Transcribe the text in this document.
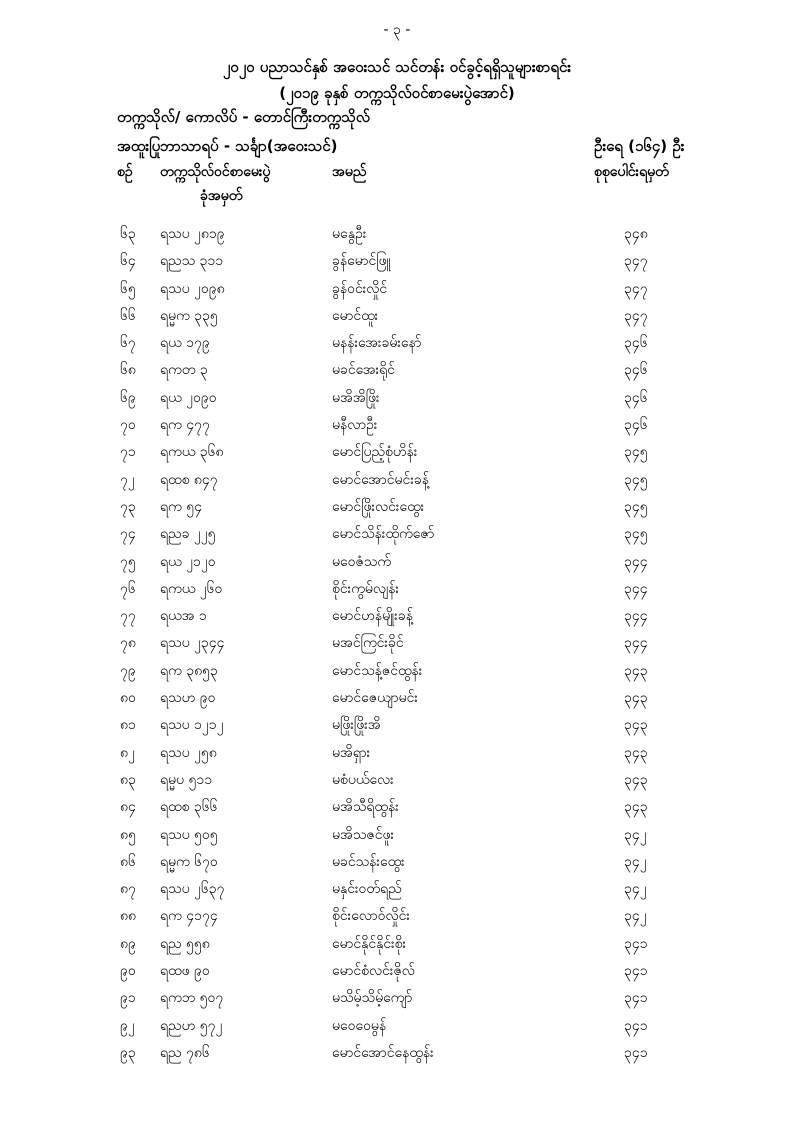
- ၃ -
၂၀၂၀ ပညာသင်နှစ် အဝေးသင် သင်တန်း ဝင်ခွင့်ရရှိသူများစာရင်း
(၂၀၁၉ ခုနှစ် တက္ကသိုလ်ဝင်စာမေးပွဲအောင်)
တက္ကသိုလ်/ ကောလိပ် - တောင်ကြီးတက္ကသိုလ်
အထူးပြုဘာသာရပ် - သင်္ချာ(အဝေးသင်)	ဦးရေ (၁၆၄) ဦး
စဉ် တက္ကသိုလ်ဝင်စာမေးပွဲ
ခုံအမှတ်
အမည်	စုစုပေါင်းရမှတ်
၆၃ ရသပ ၂၈၁၉	မနွေဦး	၃၄၈
၆၄ ရညသ ၃၁၁	ခွန်မောင်ဖြူ	၃၄၇
၆၅ ရသပ ၂၀၉၈	ခွန်ဝင်းလှိုင်	၃၄၇
၆၆ ရမ္မက ၃၃၅	မောင်ထူး	၃၄၇
၆၇ ရယ ၁၇၉	မနန်းအေးခမ်းနော်	၃၄၆
၆၈ ရကတ ၃	မခင်အေးရိုင်	၃၄၆
၆၉ ရယ ၂၀၉၀	မအိအိဖြိုး	၃၄၆
၇၀ ရက ၄၇၇	မနီလာဦး	၃၄၆
၇၁ ရကယ ၃၆၈	မောင်ပြည့်စုံဟိန်း	၃၄၅
၇၂ ရထစ ၈၄၇	မောင်အောင်မင်းခန့်	၃၄၅
၇၃ ရက ၅၄	မောင်ဖြိုးလင်းထွေး	၃၄၅
၇၄ ရညခ ၂၂၅	မောင်သိန်းထိုက်ဇော်	၃၄၅
၇၅ ရယ ၂၁၂၀	မဝေဇံသက်	၃၄၄
၇၆ ရကယ ၂၆၀	စိုင်းကွမ်လျန်း	၃၄၄
၇၇ ရယအ ၁	မောင်ဟန်မျိုးခန့်	၃၄၄
၇၈ ရသပ ၂၃၄၄	မအင်ကြင်းခိုင်	၃၄၄
၇၉ ရက ၃၈၅၃	မောင်သန့်ဇင်ထွန်း	၃၄၃
၈၀ ရသဟ ၉၀	မောင်ဇေယျာမင်း	၃၄၃
၈၁ ရသပ ၁၂၁၂	မဖြိုးဖြိုးအိ	၃၄၃
၈၂ ရသပ ၂၅၈	မအိရှား	၃၄၃
၈၃ ရမ္မပ ၅၁၁	မစံပယ်လေး	၃၄၃
၈၄ ရထစ ၃၆၆	မအိသီရိထွန်း	၃၄၃
၈၅ ရသပ ၅၀၅	မအိသဇင်ဖူး	၃၄၂
၈၆ ရမ္မက ၆၇၀	မခင်သန်းထွေး	၃၄၂
၈၇ ရသပ ၂၆၃၇	မနှင်းဝတ်ရည်	၃၄၂
၈၈ ရက ၄၁၇၄	စိုင်းလောဝ်လှိုင်း	၃၄၂
၈၉ ရည ၅၅၈	မောင်နိုင်နိုင်းစိုး	၃၄၁
၉၀ ရထဖ ၉၀	မောင်စံလင်းဇိုလ်	၃၄၁
၉၁ ရကဘ ၅၀၇	မသိမ့်သိမ့်ကျော်	၃၄၁
၉၂ ရညဟ ၅၇၂	မဝေဝေမွန်	၃၄၁
၉၃ ရည ၇၈၆	မောင်အောင်နေထွန်း	၃၄၁
